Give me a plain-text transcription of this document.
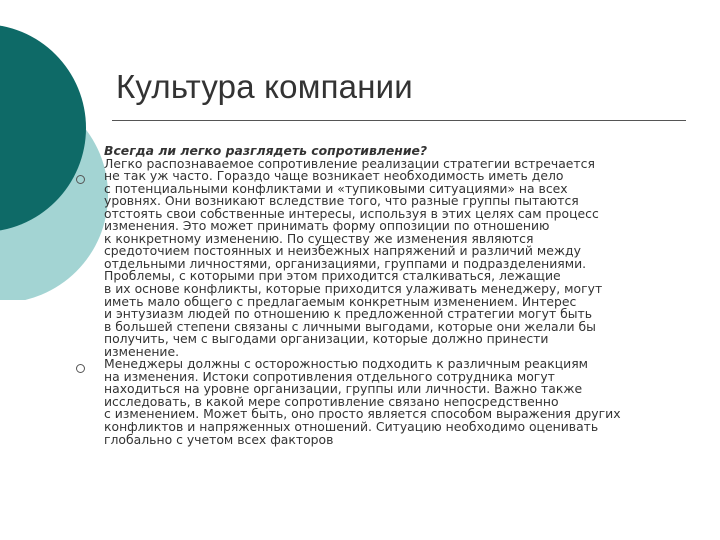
Культура компании

Всегда ли легко разглядеть сопротивление?

Легко распознаваемое сопротивление реализации стратегии встречается
не так уж часто. Гораздо чаще возникает необходимость иметь дело
с потенциальными конфликтами и «тупиковыми ситуациями» на всех
уровнях. Они возникают вследствие того, что разные группы пытаются
отстоять свои собственные интересы, используя в этих целях сам процесс
изменения. Это может принимать форму оппозиции по отношению
к конкретному изменению. По существу же изменения являются
средоточием постоянных и неизбежных напряжений и различий между
отдельными личностями, организациями, группами и подразделениями.
Проблемы, с которыми при этом приходится сталкиваться, лежащие
в их основе конфликты, которые приходится улаживать менеджеру, могут
иметь мало общего с предлагаемым конкретным изменением. Интерес
и энтузиазм людей по отношению к предложенной стратегии могут быть
в большей степени связаны с личными выгодами, которые они желали бы
получить, чем с выгодами организации, которые должно принести
изменение.

Менеджеры должны с осторожностью подходить к различным реакциям
на изменения. Истоки сопротивления отдельного сотрудника могут
находиться на уровне организации, группы или личности. Важно также
исследовать, в какой мере сопротивление связано непосредственно
с изменением. Может быть, оно просто является способом выражения других
конфликтов и напряженных отношений. Ситуацию необходимо оценивать
глобально с учетом всех факторов
